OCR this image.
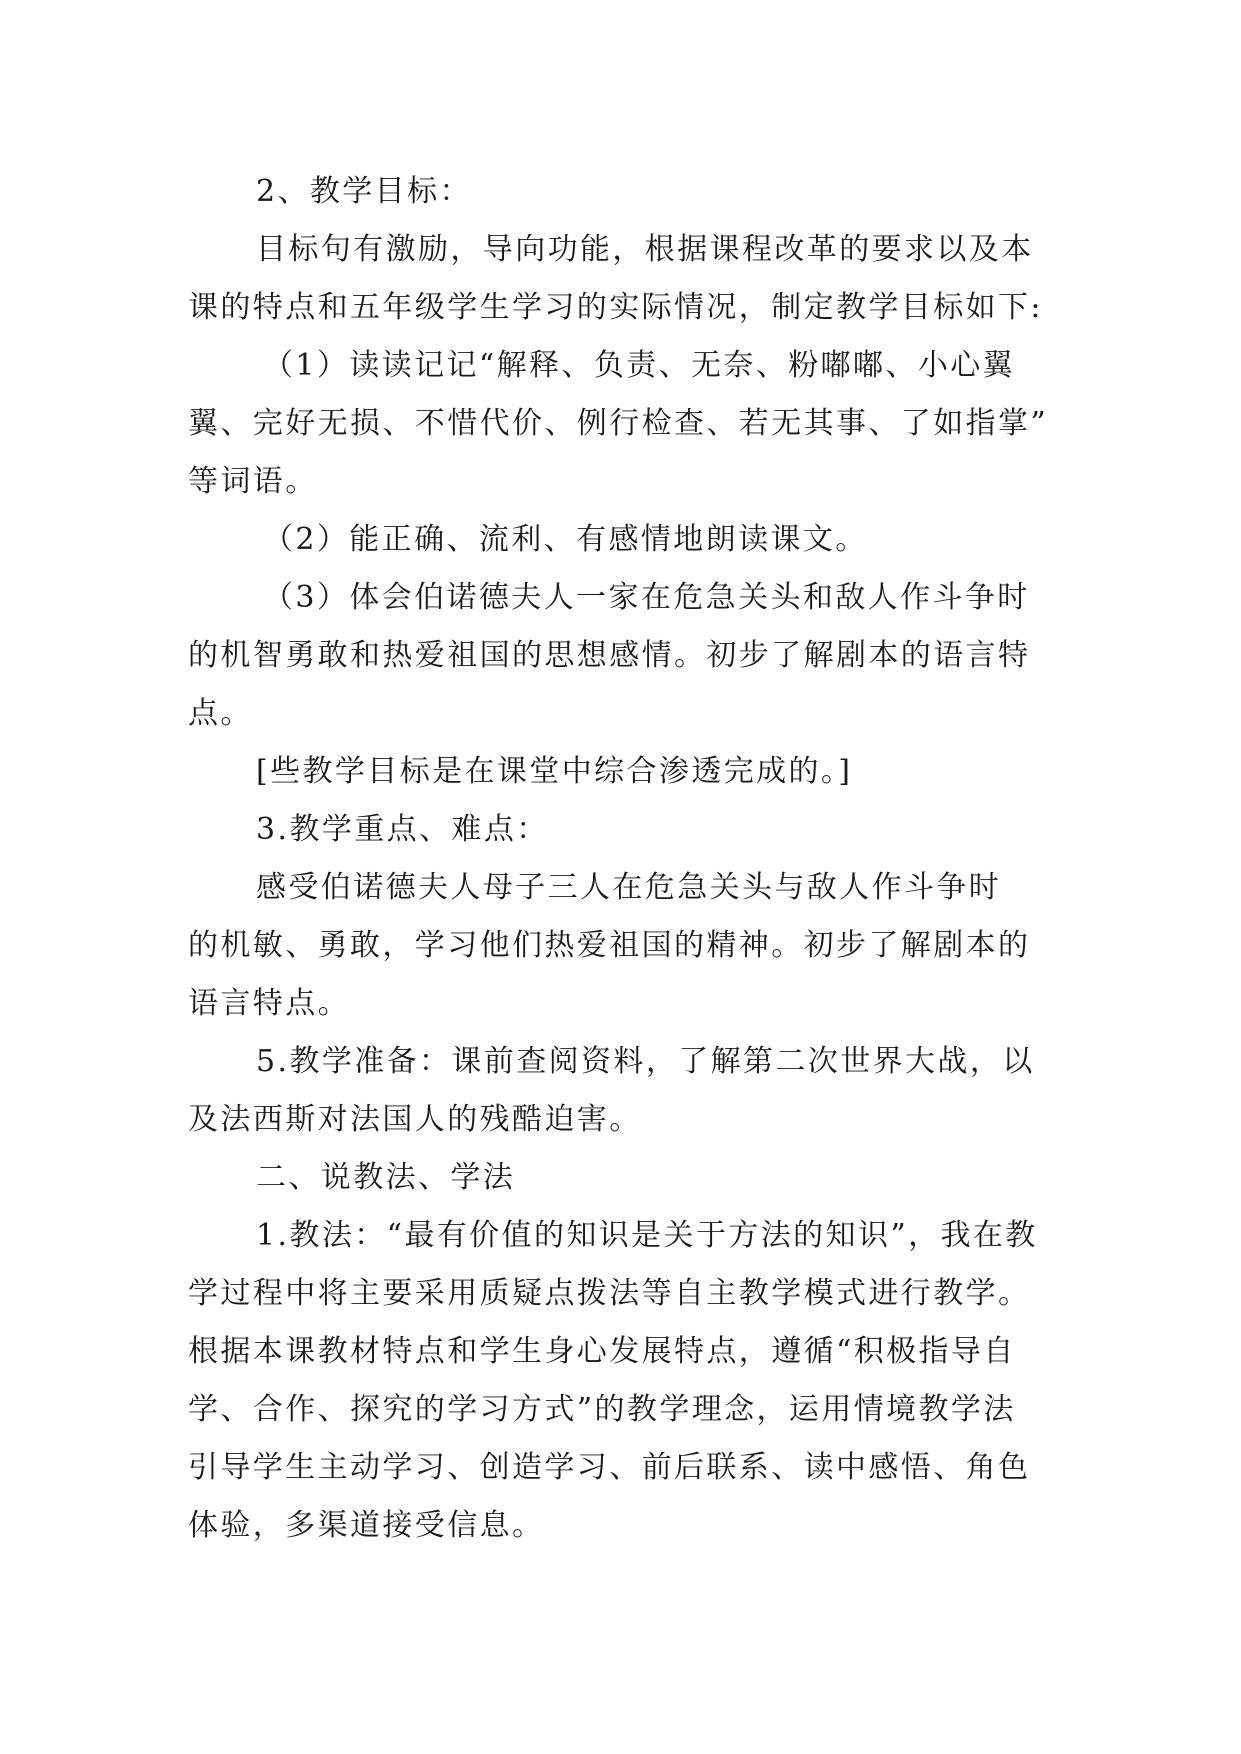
2、教学目标：
目标句有激励，导向功能，根据课程改革的要求以及本
课的特点和五年级学生学习的实际情况，制定教学目标如下:
（1）读读记记“解释、负责、无奈、粉嘟嘟、小心翼
翼、完好无损、不惜代价、例行检查、若无其事、了如指掌”
等词语。
（2）能正确、流利、有感情地朗读课文。
（3）体会伯诺德夫人一家在危急关头和敌人作斗争时
的机智勇敢和热爱祖国的思想感情。初步了解剧本的语言特
点。
[些教学目标是在课堂中综合渗透完成的。]
3.教学重点、难点：
感受伯诺德夫人母子三人在危急关头与敌人作斗争时
的机敏、勇敢，学习他们热爱祖国的精神。初步了解剧本的
语言特点。
5.教学准备：课前查阅资料，了解第二次世界大战，以
及法西斯对法国人的残酷迫害。
二、说教法、学法
1.教法：“最有价值的知识是关于方法的知识”，我在教
学过程中将主要采用质疑点拨法等自主教学模式进行教学。
根据本课教材特点和学生身心发展特点，遵循“积极指导自
学、合作、探究的学习方式”的教学理念，运用情境教学法
引导学生主动学习、创造学习、前后联系、读中感悟、角色
体验，多渠道接受信息。
